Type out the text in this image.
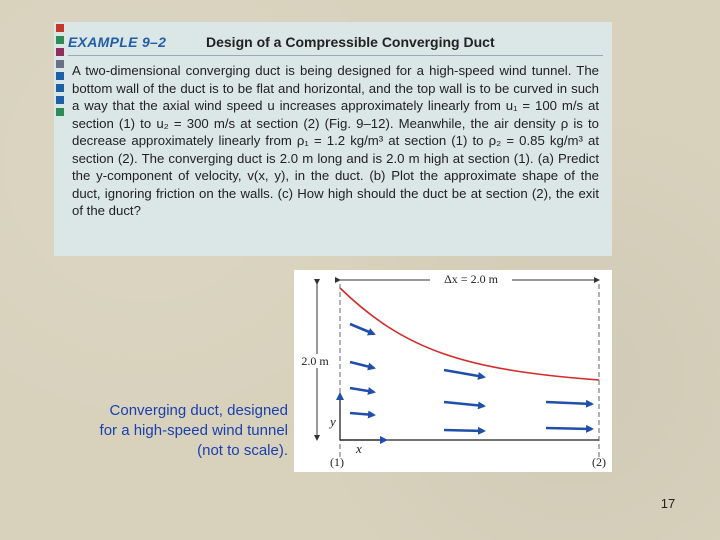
EXAMPLE 9–2	Design of a Compressible Converging Duct

A two-dimensional converging duct is being designed for a high-speed wind tunnel. The bottom wall of the duct is to be flat and horizontal, and the top wall is to be curved in such a way that the axial wind speed u increases approximately linearly from u₁ = 100 m/s at section (1) to u₂ = 300 m/s at section (2) (Fig. 9–12). Meanwhile, the air density ρ is to decrease approximately linearly from ρ₁ = 1.2 kg/m³ at section (1) to ρ₂ = 0.85 kg/m³ at section (2). The converging duct is 2.0 m long and is 2.0 m high at section (1). (a) Predict the y-component of velocity, v(x, y), in the duct. (b) Plot the approximate shape of the duct, ignoring friction on the walls. (c) How high should the duct be at section (2), the exit of the duct?

Δx = 2.0 m
2.0 m
y
x
(1)	(2)
Converging duct, designed
for a high-speed wind tunnel
(not to scale).
17
